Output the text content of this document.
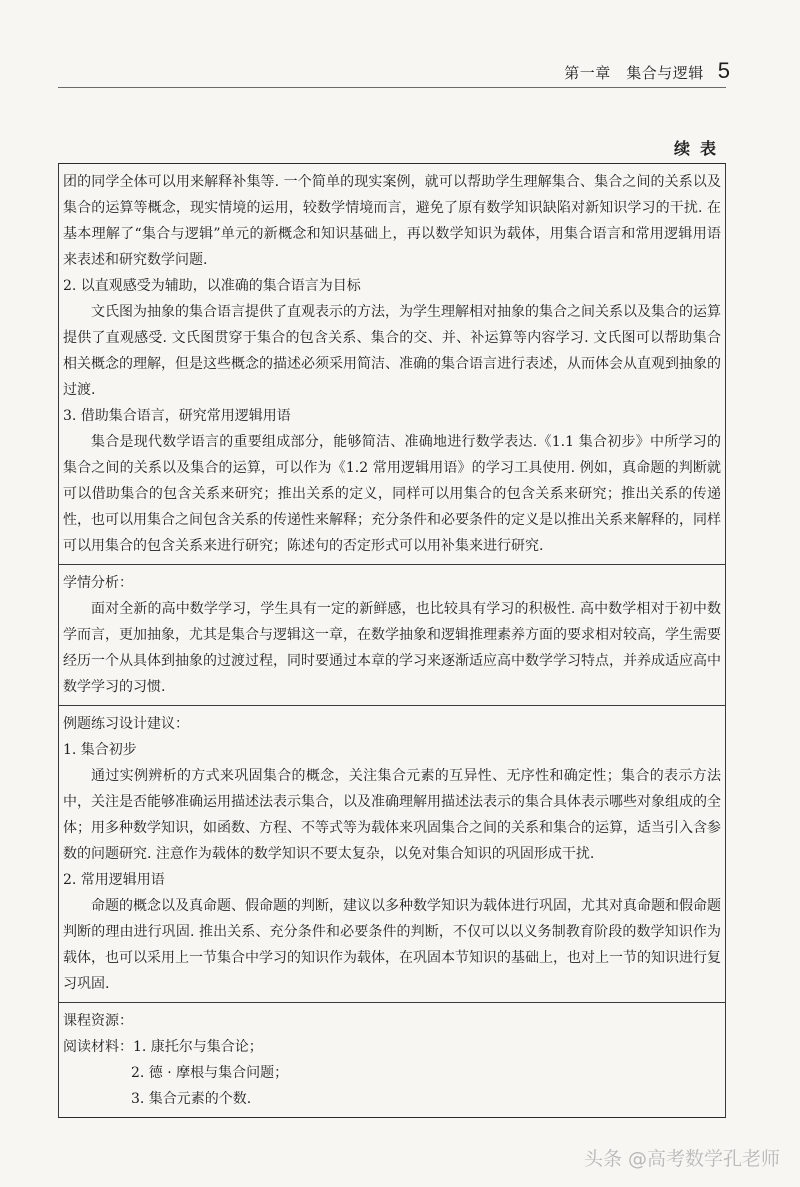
第一章　集合与逻辑 5
续表

团的同学全体可以用来解释补集等. 一个简单的现实案例，就可以帮助学生理解集合、集合之间的关系以及集合的运算等概念，现实情境的运用，较数学情境而言，避免了原有数学知识缺陷对新知识学习的干扰. 在基本理解了“集合与逻辑”单元的新概念和知识基础上，再以数学知识为载体，用集合语言和常用逻辑用语来表述和研究数学问题.

2. 以直观感受为辅助，以准确的集合语言为目标

文氏图为抽象的集合语言提供了直观表示的方法，为学生理解相对抽象的集合之间关系以及集合的运算提供了直观感受. 文氏图贯穿于集合的包含关系、集合的交、并、补运算等内容学习. 文氏图可以帮助集合相关概念的理解，但是这些概念的描述必须采用简洁、准确的集合语言进行表述，从而体会从直观到抽象的过渡.

3. 借助集合语言，研究常用逻辑用语

集合是现代数学语言的重要组成部分，能够简洁、准确地进行数学表达.《1.1 集合初步》中所学习的集合之间的关系以及集合的运算，可以作为《1.2 常用逻辑用语》的学习工具使用. 例如，真命题的判断就可以借助集合的包含关系来研究；推出关系的定义，同样可以用集合的包含关系来研究；推出关系的传递性，也可以用集合之间包含关系的传递性来解释；充分条件和必要条件的定义是以推出关系来解释的，同样可以用集合的包含关系来进行研究；陈述句的否定形式可以用补集来进行研究.

学情分析：

面对全新的高中数学学习，学生具有一定的新鲜感，也比较具有学习的积极性. 高中数学相对于初中数学而言，更加抽象，尤其是集合与逻辑这一章，在数学抽象和逻辑推理素养方面的要求相对较高，学生需要经历一个从具体到抽象的过渡过程，同时要通过本章的学习来逐渐适应高中数学学习特点，并养成适应高中数学学习的习惯.

例题练习设计建议：

1. 集合初步

通过实例辨析的方式来巩固集合的概念，关注集合元素的互异性、无序性和确定性；集合的表示方法中，关注是否能够准确运用描述法表示集合，以及准确理解用描述法表示的集合具体表示哪些对象组成的全体；用多种数学知识，如函数、方程、不等式等为载体来巩固集合之间的关系和集合的运算，适当引入含参数的问题研究. 注意作为载体的数学知识不要太复杂，以免对集合知识的巩固形成干扰.

2. 常用逻辑用语

命题的概念以及真命题、假命题的判断，建议以多种数学知识为载体进行巩固，尤其对真命题和假命题判断的理由进行巩固. 推出关系、充分条件和必要条件的判断，不仅可以以义务制教育阶段的数学知识作为载体，也可以采用上一节集合中学习的知识作为载体，在巩固本节知识的基础上，也对上一节的知识进行复习巩固.

课程资源：

阅读材料：1. 康托尔与集合论；

2. 德 · 摩根与集合问题；

3. 集合元素的个数.

头条 @高考数学孔老师
